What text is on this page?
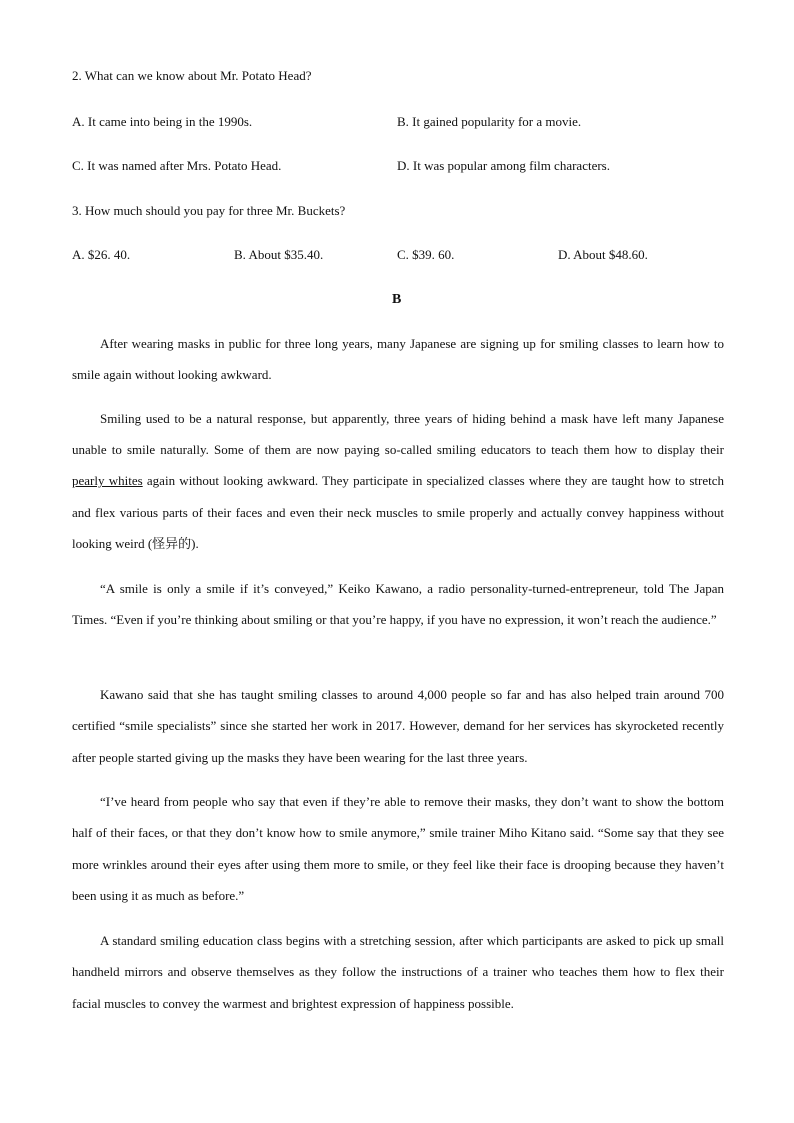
2. What can we know about Mr. Potato Head?
A. It came into being in the 1990s.	B. It gained popularity for a movie.
C. It was named after Mrs. Potato Head.	D. It was popular among film characters.
3. How much should you pay for three Mr. Buckets?
A. $26. 40.	B. About $35.40.	C. $39. 60.	D. About $48.60.
B
After wearing masks in public for three long years, many Japanese are signing up for smiling classes to learn how to smile again without looking awkward.
Smiling used to be a natural response, but apparently, three years of hiding behind a mask have left many Japanese unable to smile naturally. Some of them are now paying so-called smiling educators to teach them how to display their pearly whites again without looking awkward. They participate in specialized classes where they are taught how to stretch and flex various parts of their faces and even their neck muscles to smile properly and actually convey happiness without looking weird (怪异的).
“A smile is only a smile if it’s conveyed,” Keiko Kawano, a radio personality-turned-entrepreneur, told The Japan Times. “Even if you’re thinking about smiling or that you’re happy, if you have no expression, it won’t reach the audience.”
Kawano said that she has taught smiling classes to around 4,000 people so far and has also helped train around 700 certified “smile specialists” since she started her work in 2017. However, demand for her services has skyrocketed recently after people started giving up the masks they have been wearing for the last three years.
“I’ve heard from people who say that even if they’re able to remove their masks, they don’t want to show the bottom half of their faces, or that they don’t know how to smile anymore,” smile trainer Miho Kitano said. “Some say that they see more wrinkles around their eyes after using them more to smile, or they feel like their face is drooping because they haven’t been using it as much as before.”
A standard smiling education class begins with a stretching session, after which participants are asked to pick up small handheld mirrors and observe themselves as they follow the instructions of a trainer who teaches them how to flex their facial muscles to convey the warmest and brightest expression of happiness possible.
